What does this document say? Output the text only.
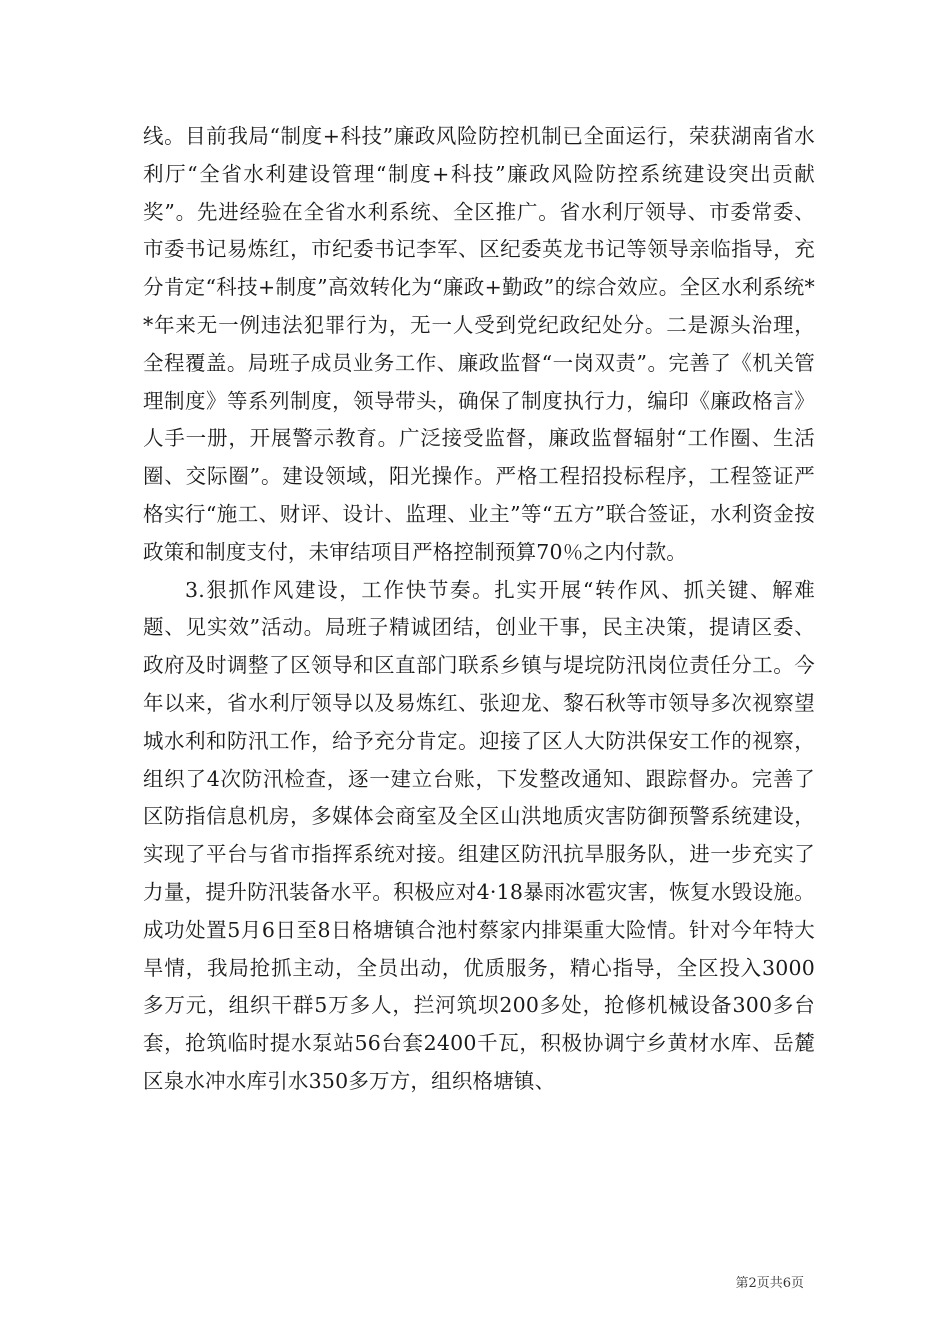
线。目前我局“制度+科技”廉政风险防控机制已全面运行，荣获湖南省水利厅“全省水利建设管理“制度+科技”廉政风险防控系统建设突出贡献奖”。先进经验在全省水利系统、全区推广。省水利厅领导、市委常委、市委书记易炼红，市纪委书记李军、区纪委英龙书记等领导亲临指导，充分肯定“科技+制度”高效转化为“廉政+勤政”的综合效应。全区水利系统**年来无一例违法犯罪行为，无一人受到党纪政纪处分。二是源头治理，全程覆盖。局班子成员业务工作、廉政监督“一岗双责”。完善了《机关管理制度》等系列制度，领导带头，确保了制度执行力，编印《廉政格言》人手一册，开展警示教育。广泛接受监督，廉政监督辐射“工作圈、生活圈、交际圈”。建设领域，阳光操作。严格工程招投标程序，工程签证严格实行“施工、财评、设计、监理、业主”等“五方”联合签证，水利资金按政策和制度支付，未审结项目严格控制预算70％之内付款。

3.狠抓作风建设，工作快节奏。扎实开展“转作风、抓关键、解难题、见实效”活动。局班子精诚团结，创业干事，民主决策，提请区委、政府及时调整了区领导和区直部门联系乡镇与堤垸防汛岗位责任分工。今年以来，省水利厅领导以及易炼红、张迎龙、黎石秋等市领导多次视察望城水利和防汛工作，给予充分肯定。迎接了区人大防洪保安工作的视察，组织了4次防汛检查，逐一建立台账，下发整改通知、跟踪督办。完善了区防指信息机房，多媒体会商室及全区山洪地质灾害防御预警系统建设，实现了平台与省市指挥系统对接。组建区防汛抗旱服务队，进一步充实了力量，提升防汛装备水平。积极应对4·18暴雨冰雹灾害，恢复水毁设施。成功处置5月6日至8日格塘镇合池村蔡家内排渠重大险情。针对今年特大旱情，我局抢抓主动，全员出动，优质服务，精心指导，全区投入3000多万元，组织干群5万多人，拦河筑坝200多处，抢修机械设备300多台套，抢筑临时提水泵站56台套2400千瓦，积极协调宁乡黄材水库、岳麓区泉水冲水库引水350多万方，组织格塘镇、

第2页共6页
